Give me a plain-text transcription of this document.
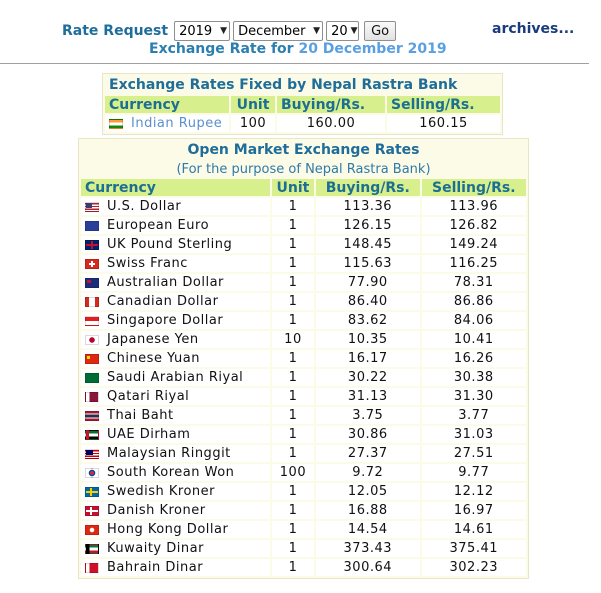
Rate Request 2019 ▼ December ▼ 20 ▼	Go	archives...
Exchange Rate for 20 December 2019
Exchange Rates Fixed by Nepal Rastra Bank			
Currency	Unit	Buying/Rs.	Selling/Rs.

Indian Rupee	100	160.00	160.15
Open Market Exchange Rates			
(For the purpose of Nepal Rastra Bank)			
Currency	Unit	Buying/Rs.	Selling/Rs.

U.S. Dollar	1	113.36	113.96

European Euro	1	126.15	126.82

UK Pound Sterling	1	148.45	149.24

Swiss Franc	1	115.63	116.25

Australian Dollar	1	77.90	78.31

Canadian Dollar	1	86.40	86.86

Singapore Dollar	1	83.62	84.06

Japanese Yen	10	10.35	10.41

Chinese Yuan	1	16.17	16.26

Saudi Arabian Riyal	1	30.22	30.38

Qatari Riyal	1	31.13	31.30

Thai Baht	1	3.75	3.77

UAE Dirham	1	30.86	31.03

Malaysian Ringgit	1	27.37	27.51

South Korean Won	100	9.72	9.77

Swedish Kroner	1	12.05	12.12

Danish Kroner	1	16.88	16.97

Hong Kong Dollar	1	14.54	14.61

Kuwaity Dinar	1	373.43	375.41

Bahrain Dinar	1	300.64	302.23
